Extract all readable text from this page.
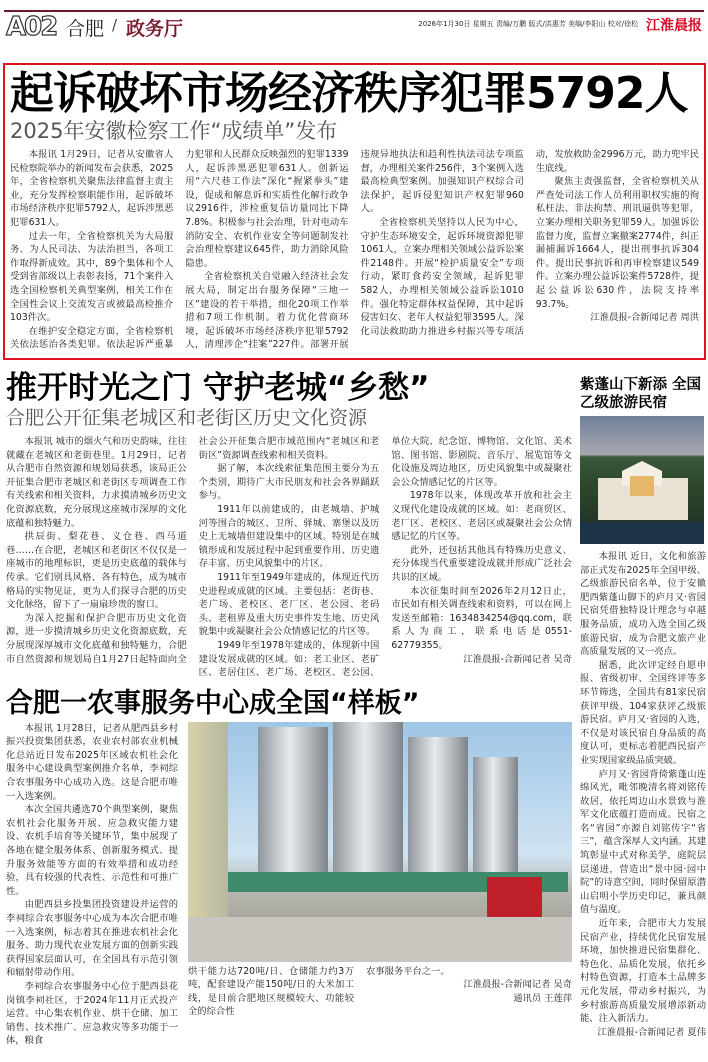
A02 合肥 / 政务厅	2026年1月30日 星期五 责编/万鹏 版式/洪惠芳 美编/李阳山 校对/徐松 江淮晨报
起诉破坏市场经济秩序犯罪5792人
2025年安徽检察工作“成绩单”发布

本报讯 1月29日，记者从安徽省人民检察院举办的新闻发布会获悉，2025年，全省检察机关聚焦法律监督主责主业，充分发挥检察职能作用，起诉破坏市场经济秩序犯罪5792人，起诉涉黑恶犯罪631人。

过去一年，全省检察机关为大局服务、为人民司法、为法治担当，各项工作取得新成效。其中，89个集体和个人受到省部级以上表彰表扬，71个案件入选全国检察机关典型案例，相关工作在全国性会议上交流发言或被最高检推介103件次。

在维护安全稳定方面，全省检察机关依法惩治各类犯罪。依法起诉严重暴力犯罪和人民群众反映强烈的犯罪1339人，起诉涉黑恶犯罪631人。创新运用“六尺巷工作法”深化“握紧拳头”建设，促成和解息诉和实质性化解行政争议2916件，涉检重复信访量同比下降7.8%。积极参与社会治理，针对电动车消防安全、农机作业安全等问题制发社会治理检察建议645件，助力消除风险隐患。

全省检察机关自觉融入经济社会发展大局，制定出台服务保障“三地一区”建设的若干举措，细化20项工作举措和7项工作机制。着力优化营商环境，起诉破坏市场经济秩序犯罪5792人，清理涉企“挂案”227件。部署开展违规异地执法和趋利性执法司法专项监督，办理相关案件256件，3个案例入选最高检典型案例。加强知识产权综合司法保护，起诉侵犯知识产权犯罪960人。

全省检察机关坚持以人民为中心，守护生态环境安全，起诉环境资源犯罪1061人，立案办理相关领域公益诉讼案件2148件。开展“检护质量安全”专项行动，紧盯食药安全领域，起诉犯罪582人，办理相关领域公益诉讼1010件。强化特定群体权益保障，其中起诉侵害妇女、老年人权益犯罪3595人。深化司法救助助力推进乡村振兴等专项活动，发放救助金2996万元，助力兜牢民生底线。

聚焦主责强监督，全省检察机关从严查处司法工作人员利用职权实施的徇私枉法、非法拘禁、刑讯逼供等犯罪，立案办理相关职务犯罪59人。加强诉讼监督力度，监督立案撤案2774件，纠正漏捕漏诉1664人，提出刑事抗诉304件。提出民事抗诉和再审检察建议549件。立案办理公益诉讼案件5728件，提起公益诉讼630件，法院支持率93.7%。

江淮晨报-合新闻记者 周洪

推开时光之门 守护老城“乡愁”
合肥公开征集老城区和老街区历史文化资源

本报讯 城市的烟火气和历史韵味，往往就藏在老城区和老街巷里。1月29日，记者从合肥市自然资源和规划局获悉，该局正公开征集合肥市老城区和老街区专项调查工作有关线索和相关资料，力求摸清城乡历史文化资源底数，充分展现这座城市深厚的文化底蕴和独特魅力。

拱辰街、梨花巷、义仓巷、西马道巷……在合肥，老城区和老街区不仅仅是一座城市的地理标识，更是历史底蕴的载体与传承。它们别具风格、各有特色，成为城市格局的实物见证，更为人们探寻合肥的历史文化脉络，留下了一扇扇珍贵的窗口。

为深入挖掘和保护合肥市历史文化资源，进一步摸清城乡历史文化资源底数，充分展现深厚城市文化底蕴和独特魅力，合肥市自然资源和规划局自1月27日起特面向全社会公开征集合肥市域范围内“老城区和老街区”资源调查线索和相关资料。

据了解，本次线索征集范围主要分为五个类别，期待广大市民朋友和社会各界踊跃参与。

1911年以前建成的，由老城墙、护城河等围合的城区、卫所、驿城、寨堡以及历史上无城墙但建设集中的区域。特别是在城镇形成和发展过程中起到重要作用、历史遗存丰富、历史风貌集中的片区。

1911年至1949年建成的，体现近代历史进程或成就的区域。主要包括：老街巷、老广场、老校区、老厂区、老公园、老码头、老租界及重大历史事件发生地、历史风貌集中或凝聚社会公众情感记忆的片区等。

1949年至1978年建成的，体现新中国建设发展成就的区域。如：老工业区、老矿区、老居住区、老广场、老校区、老公园、单位大院、纪念馆、博物馆、文化馆、美术馆、图书馆、影剧院、音乐厅、展览馆等文化设施及周边地区，历史风貌集中或凝聚社会公众情感记忆的片区等。

1978年以来，体现改革开放和社会主义现代化建设成就的区域。如：老商贸区、老厂区、老校区、老居区或凝聚社会公众情感记忆的片区等。

此外，还包括其他具有特殊历史意义、充分体现当代重要建设成就并形成广泛社会共识的区域。

本次征集时间至2026年2月12日止，市民如有相关调查线索和资料，可以在网上发送至邮箱：1634834254@qq.com，联系人为商工，联系电话是0551-62779355。

江淮晨报-合新闻记者 吴奇

合肥一农事服务中心成全国“样板”

本报讯 1月28日，记者从肥西县乡村振兴投资集团获悉，农业农村部农业机械化总站近日发布2025年区域农机社会化服务中心建设典型案例推介名单，李祠综合农事服务中心成功入选。这是合肥市唯一入选案例。

本次全国共遴选70个典型案例，聚焦农机社会化服务开展、应急救灾能力建设、农机手培育等关键环节，集中展现了各地在健全服务体系、创新服务模式、提升服务效能等方面的有效举措和成功经验，具有较强的代表性、示范性和可推广性。

由肥西县乡投集团投资建设并运营的李祠综合农事服务中心成为本次合肥市唯一入选案例，标志着其在推进农机社会化服务、助力现代农业发展方面的创新实践获得国家层面认可，在全国具有示范引领和辐射带动作用。

李祠综合农事服务中心位于肥西县花岗镇李祠社区，于2024年11月正式投产运营。中心集农机作业、烘干仓储、加工销售、技术推广、应急救灾等多功能于一体，粮食

烘干能力达720吨/日、仓储能力约3万吨，配套建设产能150吨/日的大米加工线，是目前合肥地区规模较大、功能较全的综合性

农事服务平台之一。

江淮晨报-合新闻记者 吴奇

通讯员 王莲萍

紫蓬山下新添 全国乙级旅游民宿

本报讯 近日，文化和旅游部正式发布2025年全国甲级、乙级旅游民宿名单，位于安徽肥西紫蓬山脚下的庐月又·省园民宿凭借独特设计理念与卓越服务品质，成功入选全国乙级旅游民宿，成为合肥文旅产业高质量发展的又一亮点。

据悉，此次评定经自愿申报、省级初审、全国终评等多环节筛选，全国共有81家民宿获评甲级、104家获评乙级旅游民宿。庐月又·省园的入选，不仅是对该民宿自身品质的高度认可，更标志着肥西民宿产业实现国家级品质突破。

庐月又·省园背倚紫蓬山连绵风光，毗邻晚清名将刘铭传故居，依托周边山水景致与淮军文化底蕴打造而成。民宿之名“省园”亦源自刘铭传字“省三”，蕴含深厚人文内涵。其建筑彰显中式对称美学，庭院层层递进，营造出“景中园·园中院”的诗意空间，同时保留原潜山启明小学历史印记，兼具颜值与温度。

近年来，合肥市大力发展民宿产业，持续优化民宿发展环境，加快推进民宿集群化、特色化、品质化发展，依托乡村特色资源，打造本土品牌多元化发展，带动乡村振兴，为乡村旅游高质量发展增添新动能、注入新活力。

江淮晨报-合新闻记者 夏伟
